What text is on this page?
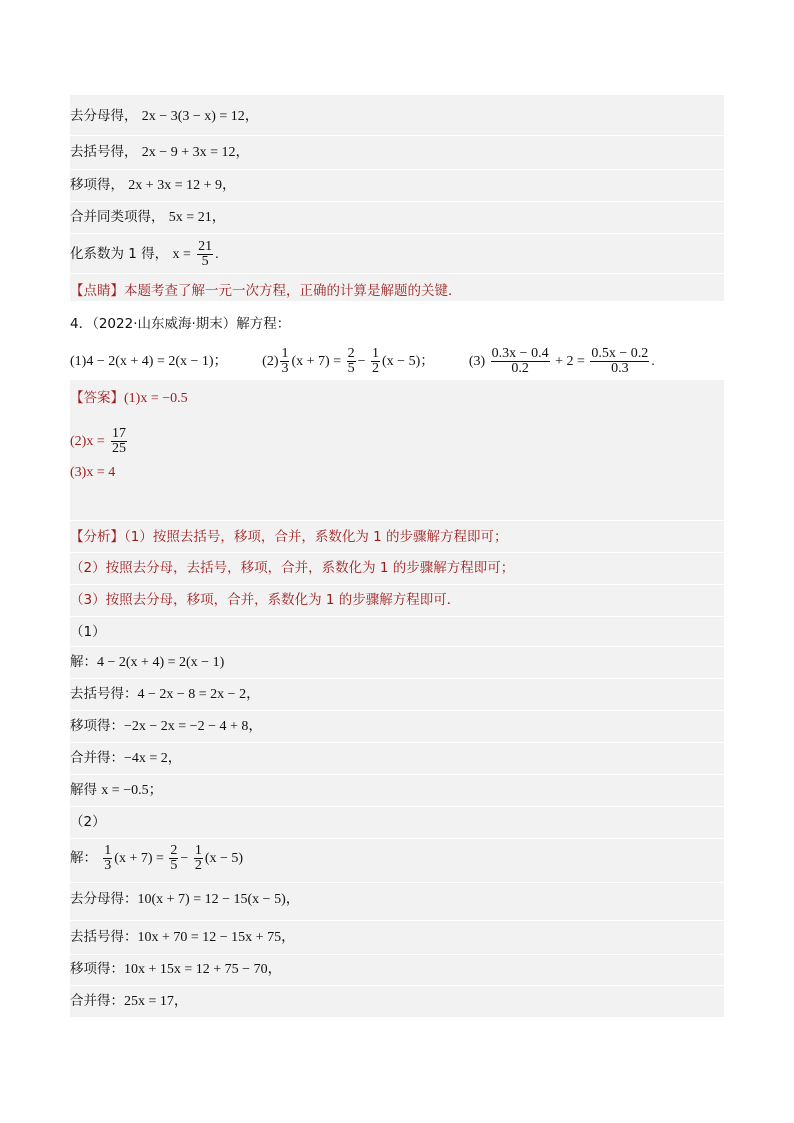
去分母得， 2x − 3(3 − x) = 12，
去括号得， 2x − 9 + 3x = 12，
移项得， 2x + 3x = 12 + 9，
合并同类项得， 5x = 21，
化系数为 1 得， $x = \frac{21}{5}$ .
【点睛】本题考查了解一元一次方程，正确的计算是解题的关键．
4．（2022·山东威海·期末）解方程：
(1)4 − 2(x + 4) = 2(x − 1)； $(2) \frac{1}{3} (x + 7) = \frac{2}{5} - \frac{1}{2} (x - 5)$； $(3) \frac{0.3x - 0.4}{0.2} + 2 = \frac{0.5x - 0.2}{0.3}$ .
【答案】(1)x = −0.5
$(2)x = \frac{17}{25}$
(3)x = 4
【分析】（1）按照去括号，移项，合并，系数化为 1 的步骤解方程即可；
（2）按照去分母，去括号，移项，合并，系数化为 1 的步骤解方程即可；
（3）按照去分母，移项，合并，系数化为 1 的步骤解方程即可．
（1）
解：4 − 2(x + 4) = 2(x − 1)
去括号得：4 − 2x − 8 = 2x − 2，
移项得：−2x − 2x = −2 − 4 + 8，
合并得：−4x = 2，
解得 x = −0.5；
（2）
解： $\frac{1}{3} (x + 7) = \frac{2}{5} - \frac{1}{2} (x - 5)$
去分母得：10(x + 7) = 12 − 15(x − 5)，
去括号得：10x + 70 = 12 − 15x + 75，
移项得：10x + 15x = 12 + 75 − 70，
合并得：25x = 17，
